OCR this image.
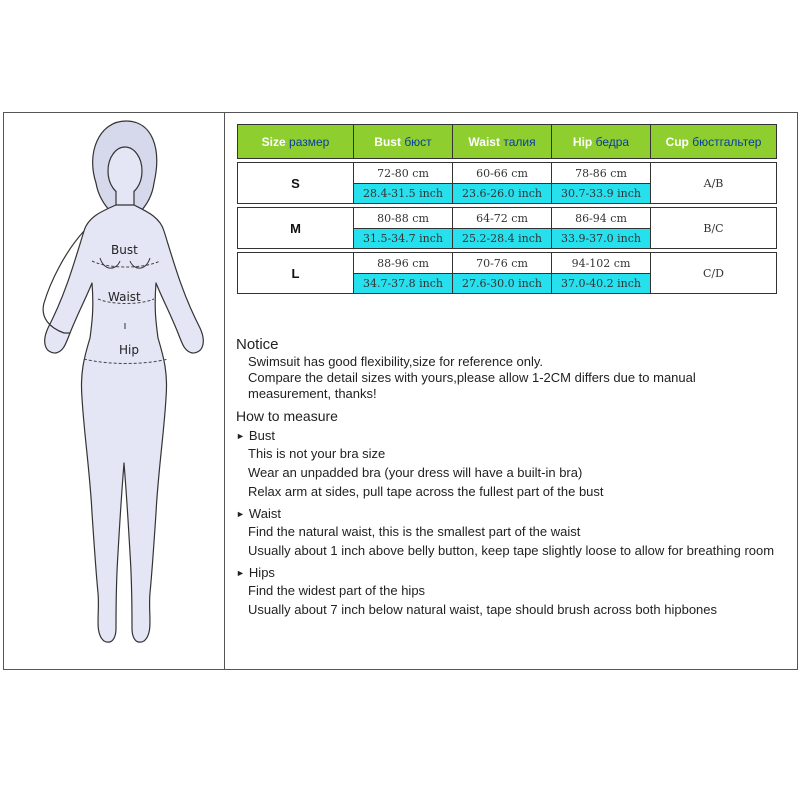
Bust
Waist
Hip
Size размер	Bust бюст	Waist талия	Hip бедра	Cup бюстгальтер

S	72-80 cm	60-66 cm	78-86 cm	A/B
	28.4-31.5 inch	23.6-26.0 inch	30.7-33.9 inch	

M	80-88 cm	64-72 cm	86-94 cm	B/C
	31.5-34.7 inch	25.2-28.4 inch	33.9-37.0 inch	

L	88-96 cm	70-76 cm	94-102 cm	C/D
	34.7-37.8 inch	27.6-30.0 inch	37.0-40.2 inch	
Notice
Swimsuit has good flexibility,size for reference only.
Compare the detail sizes with yours,please allow 1-2CM differs due to manual
measurement, thanks!
How to measure
► Bust
This is not your bra size
Wear an unpadded bra (your dress will have a built-in bra)
Relax arm at sides, pull tape across the fullest part of the bust
► Waist
Find the natural waist, this is the smallest part of the waist
Usually about 1 inch above belly button, keep tape slightly loose to allow for breathing room
► Hips
Find the widest part of the hips
Usually about 7 inch below natural waist, tape should brush across both hipbones
